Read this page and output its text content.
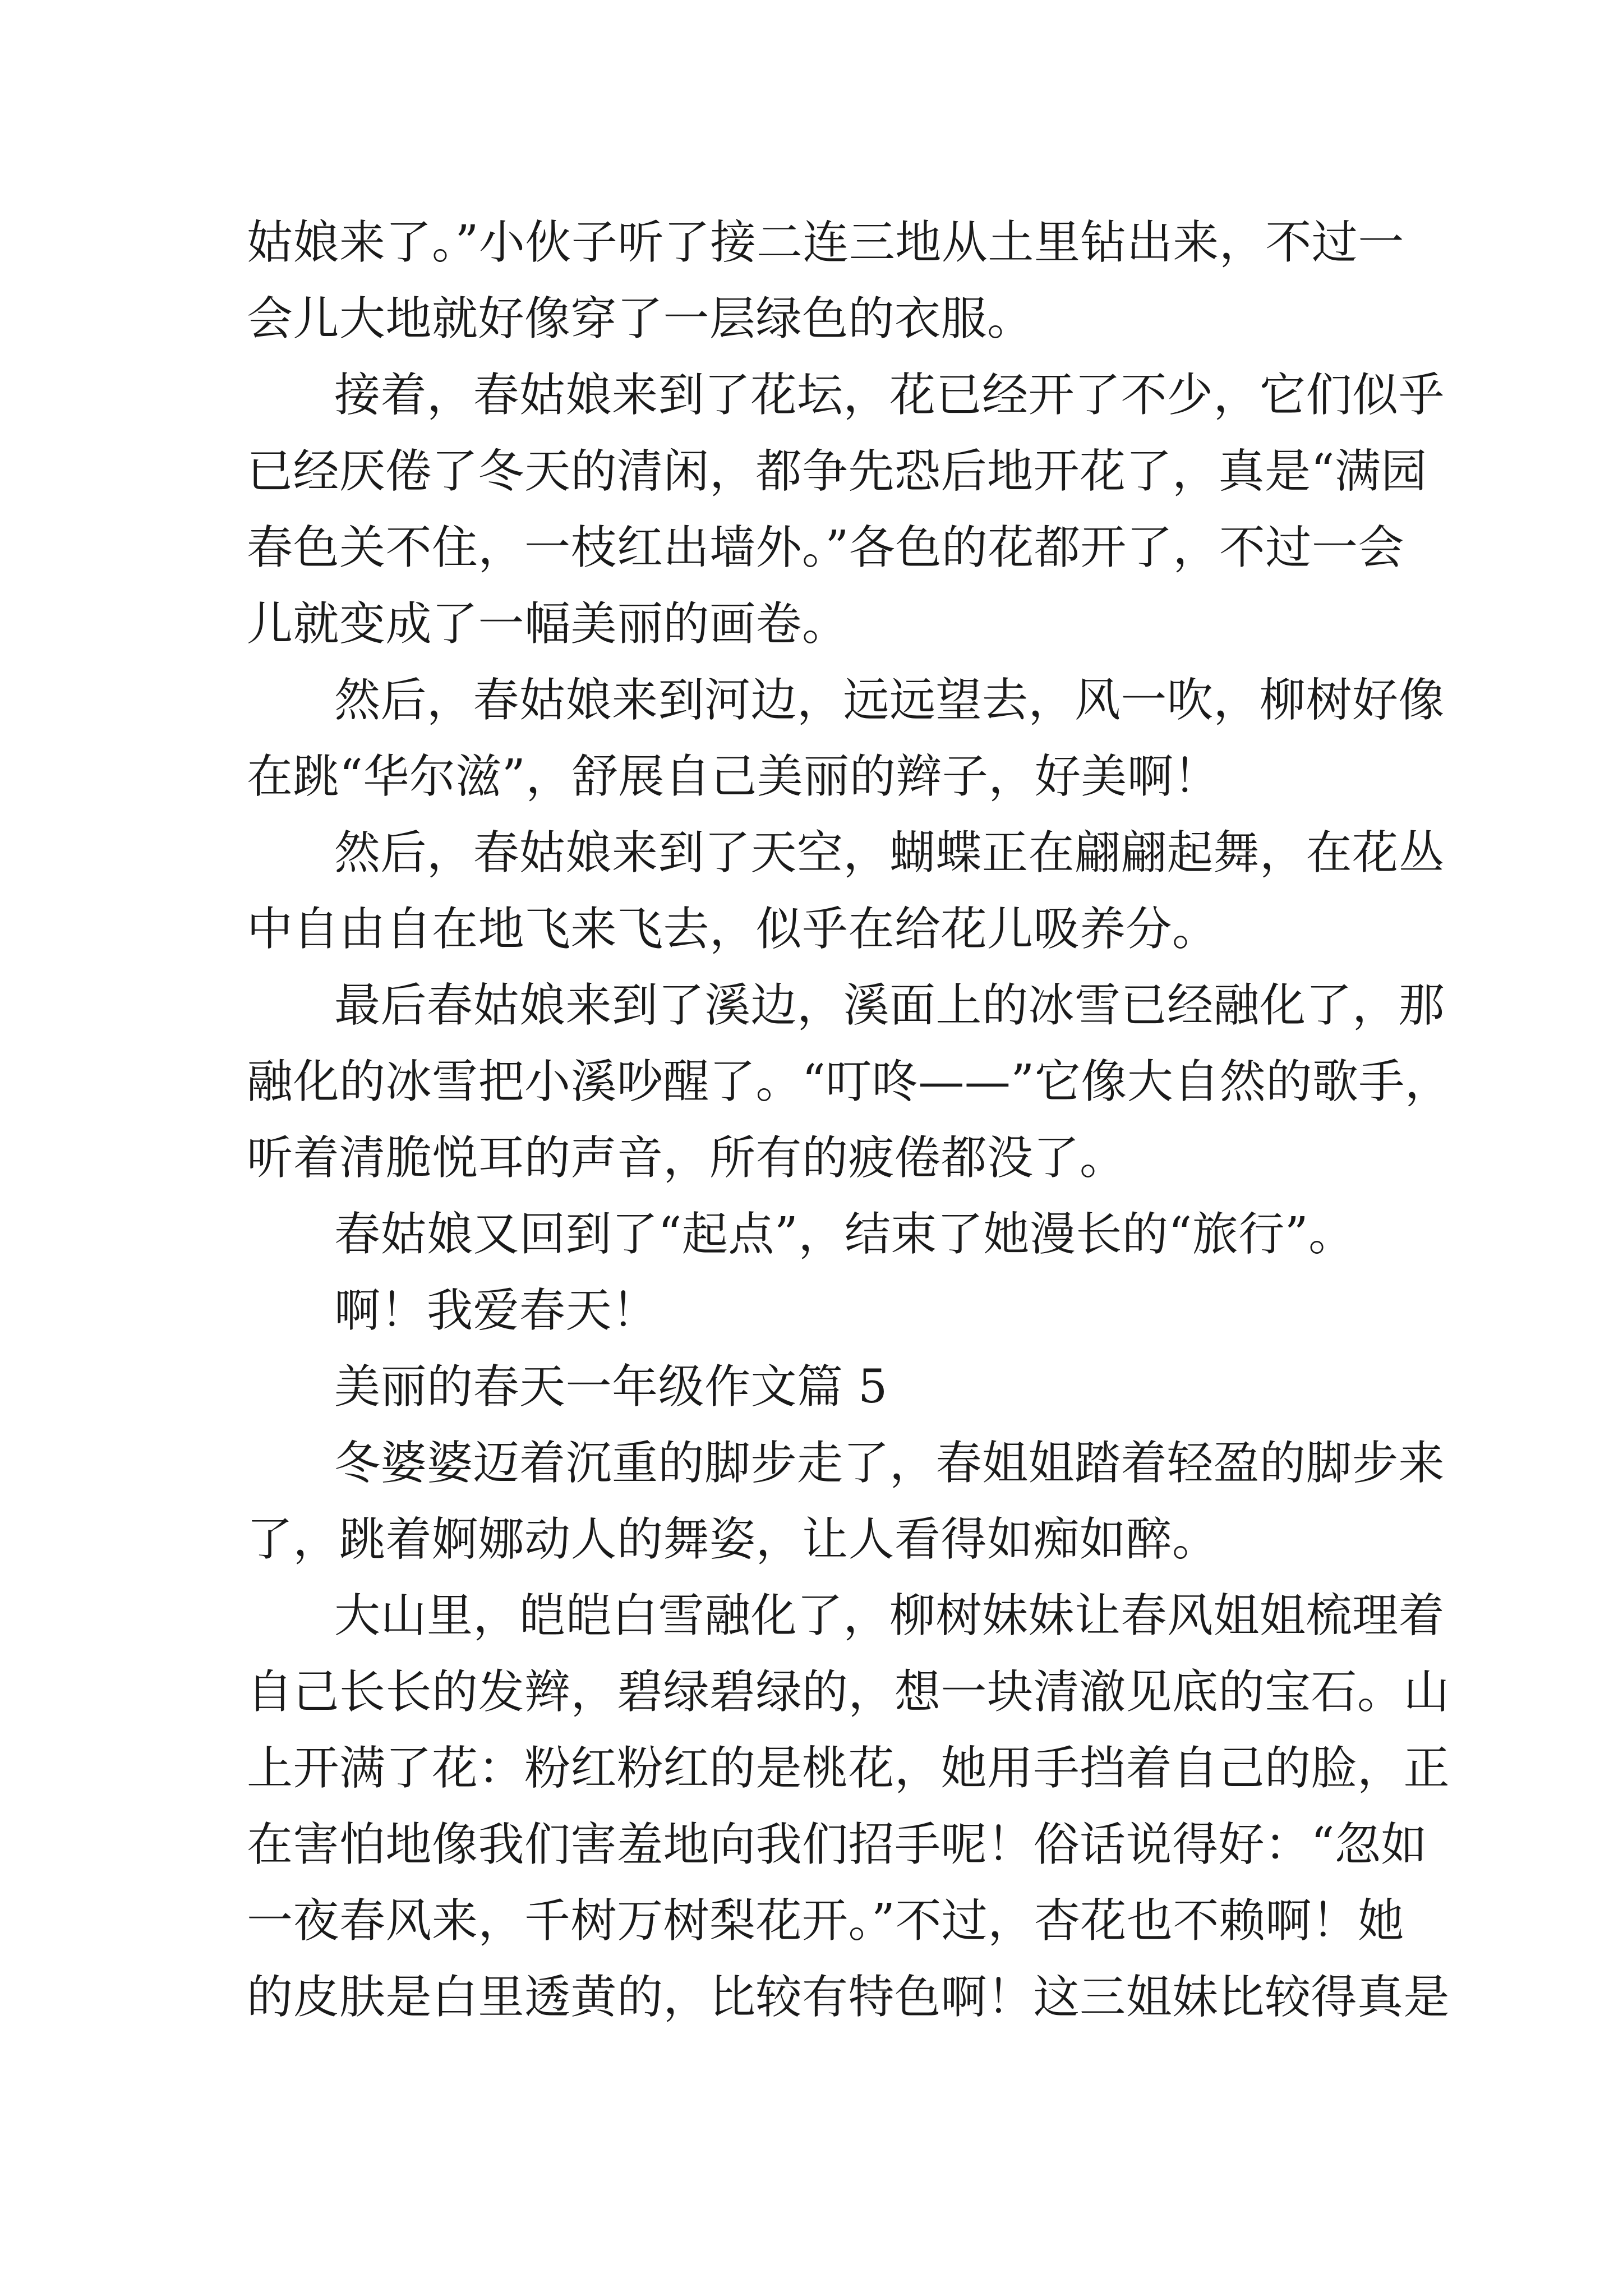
姑娘来了。”小伙子听了接二连三地从土里钻出来，不过一
会儿大地就好像穿了一层绿色的衣服。
接着，春姑娘来到了花坛，花已经开了不少，它们似乎
已经厌倦了冬天的清闲，都争先恐后地开花了，真是“满园
春色关不住，一枝红出墙外。”各色的花都开了，不过一会
儿就变成了一幅美丽的画卷。
然后，春姑娘来到河边，远远望去，风一吹，柳树好像
在跳“华尔滋”，舒展自己美丽的辫子，好美啊！
然后，春姑娘来到了天空，蝴蝶正在翩翩起舞，在花丛
中自由自在地飞来飞去，似乎在给花儿吸养分。
最后春姑娘来到了溪边，溪面上的冰雪已经融化了，那
融化的冰雪把小溪吵醒了。“叮咚——”它像大自然的歌手，
听着清脆悦耳的声音，所有的疲倦都没了。
春姑娘又回到了“起点”，结束了她漫长的“旅行”。
啊！我爱春天！
美丽的春天一年级作文篇 5
冬婆婆迈着沉重的脚步走了，春姐姐踏着轻盈的脚步来
了，跳着婀娜动人的舞姿，让人看得如痴如醉。
大山里，皑皑白雪融化了，柳树妹妹让春风姐姐梳理着
自己长长的发辫，碧绿碧绿的，想一块清澈见底的宝石。山
上开满了花：粉红粉红的是桃花，她用手挡着自己的脸，正
在害怕地像我们害羞地向我们招手呢！俗话说得好：“忽如
一夜春风来，千树万树梨花开。”不过，杏花也不赖啊！她
的皮肤是白里透黄的，比较有特色啊！这三姐妹比较得真是
